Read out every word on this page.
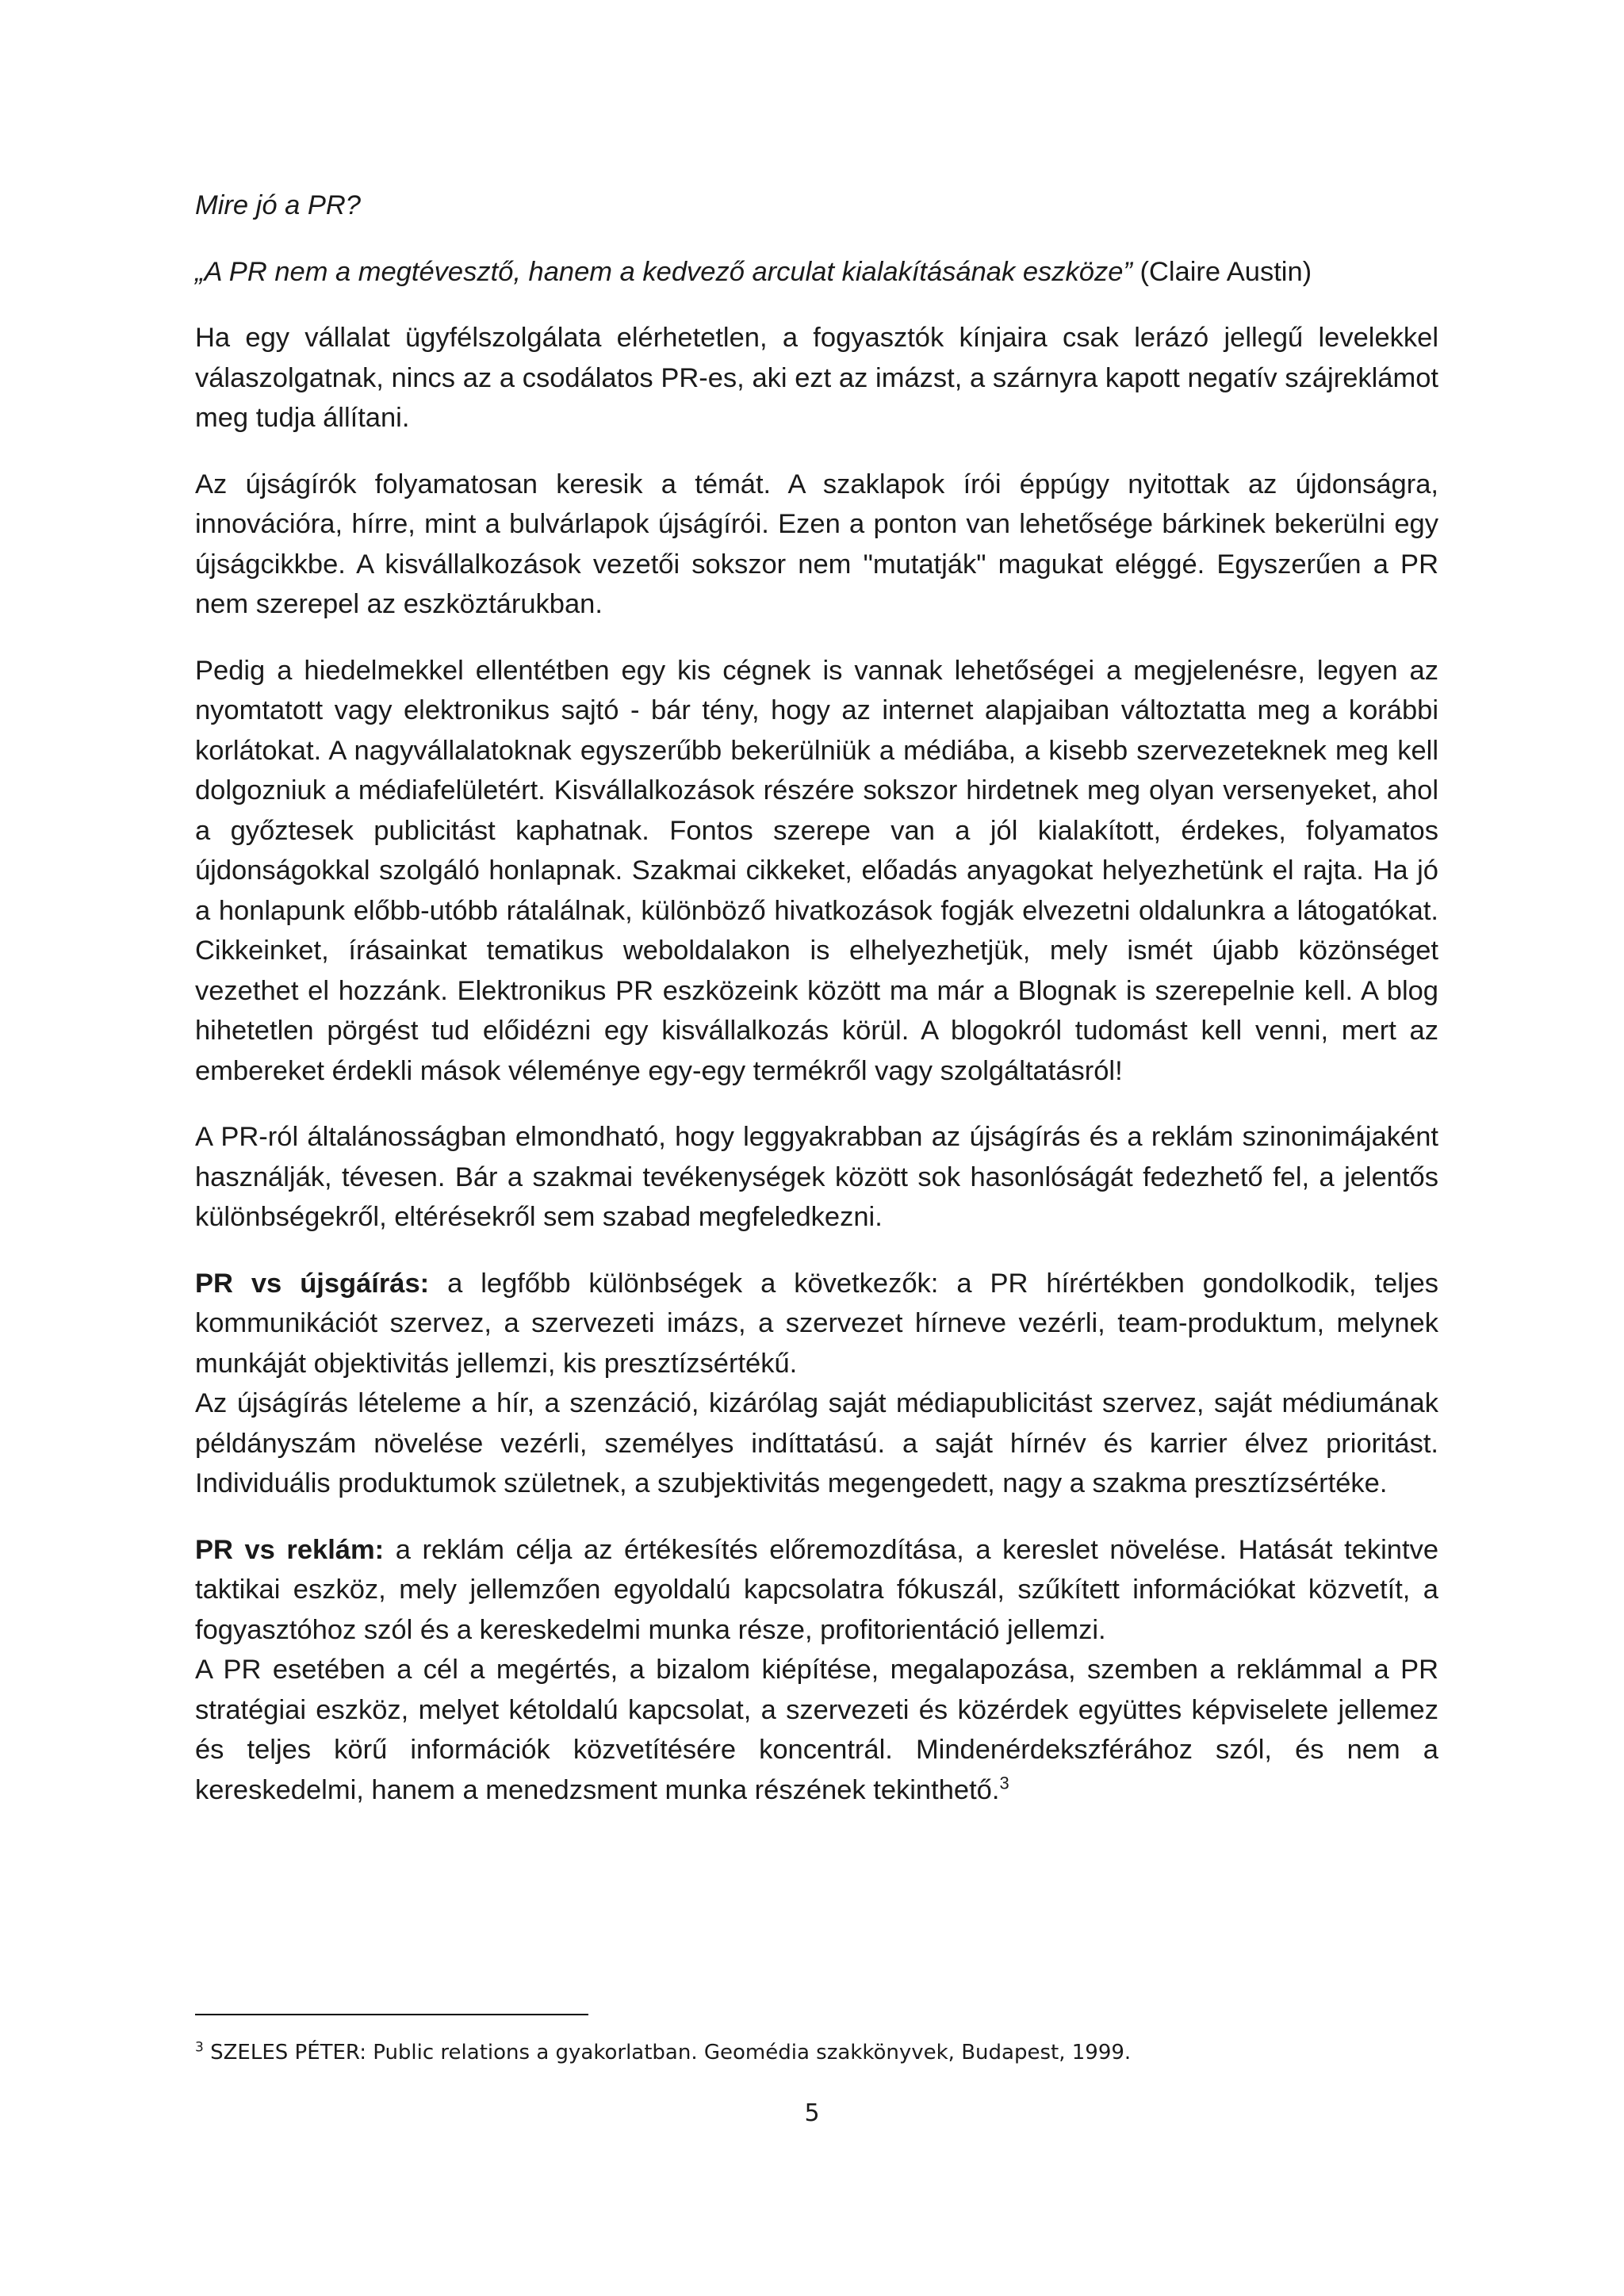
Mire jó a PR?

„A PR nem a megtévesztő, hanem a kedvező arculat kialakításának eszköze” (Claire Austin)

Ha egy vállalat ügyfélszolgálata elérhetetlen, a fogyasztók kínjaira csak lerázó jellegű levelekkel válaszolgatnak, nincs az a csodálatos PR-es, aki ezt az imázst, a szárnyra kapott negatív szájreklámot meg tudja állítani.

Az újságírók folyamatosan keresik a témát. A szaklapok írói éppúgy nyitottak az újdonságra, innovációra, hírre, mint a bulvárlapok újságírói. Ezen a ponton van lehetősége bárkinek bekerülni egy újságcikkbe. A kisvállalkozások vezetői sokszor nem "mutatják" magukat eléggé. Egyszerűen a PR nem szerepel az eszköztárukban.

Pedig a hiedelmekkel ellentétben egy kis cégnek is vannak lehetőségei a megjelenésre, legyen az nyomtatott vagy elektronikus sajtó - bár tény, hogy az internet alapjaiban változtatta meg a korábbi korlátokat. A nagyvállalatoknak egyszerűbb bekerülniük a médiába, a kisebb szervezeteknek meg kell dolgozniuk a médiafelületért. Kisvállalkozások részére sokszor hirdetnek meg olyan versenyeket, ahol a győztesek publicitást kaphatnak. Fontos szerepe van a jól kialakított, érdekes, folyamatos újdonságokkal szolgáló honlapnak. Szakmai cikkeket, előadás anyagokat helyezhetünk el rajta. Ha jó a honlapunk előbb-utóbb rátalálnak, különböző hivatkozások fogják elvezetni oldalunkra a látogatókat. Cikkeinket, írásainkat tematikus weboldalakon is elhelyezhetjük, mely ismét újabb közönséget vezethet el hozzánk. Elektronikus PR eszközeink között ma már a Blognak is szerepelnie kell. A blog hihetetlen pörgést tud előidézni egy kisvállalkozás körül. A blogokról tudomást kell venni, mert az embereket érdekli mások véleménye egy-egy termékről vagy szolgáltatásról!

A PR-ról általánosságban elmondható, hogy leggyakrabban az újságírás és a reklám szinonimájaként használják, tévesen. Bár a szakmai tevékenységek között sok hasonlóságát fedezhető fel, a jelentős különbségekről, eltérésekről sem szabad megfeledkezni.

PR vs újsgáírás: a legfőbb különbségek a következők: a PR hírértékben gondolkodik, teljes kommunikációt szervez, a szervezeti imázs, a szervezet hírneve vezérli, team-produktum, melynek munkáját objektivitás jellemzi, kis presztízsértékű.

Az újságírás lételeme a hír, a szenzáció, kizárólag saját médiapublicitást szervez, saját médiumának példányszám növelése vezérli, személyes indíttatású. a saját hírnév és karrier élvez prioritást. Individuális produktumok születnek, a szubjektivitás megengedett, nagy a szakma presztízsértéke.

PR vs reklám: a reklám célja az értékesítés előremozdítása, a kereslet növelése. Hatását tekintve taktikai eszköz, mely jellemzően egyoldalú kapcsolatra fókuszál, szűkített információkat közvetít, a fogyasztóhoz szól és a kereskedelmi munka része, profitorientáció jellemzi.

A PR esetében a cél a megértés, a bizalom kiépítése, megalapozása, szemben a reklámmal a PR stratégiai eszköz, melyet kétoldalú kapcsolat, a szervezeti és közérdek együttes képviselete jellemez és teljes körű információk közvetítésére koncentrál. Mindenérdekszférához szól, és nem a kereskedelmi, hanem a menedzsment munka részének tekinthető.$^3$

$^3$ SZELES PÉTER: Public relations a gyakorlatban. Geomédia szakkönyvek, Budapest, 1999.
5
